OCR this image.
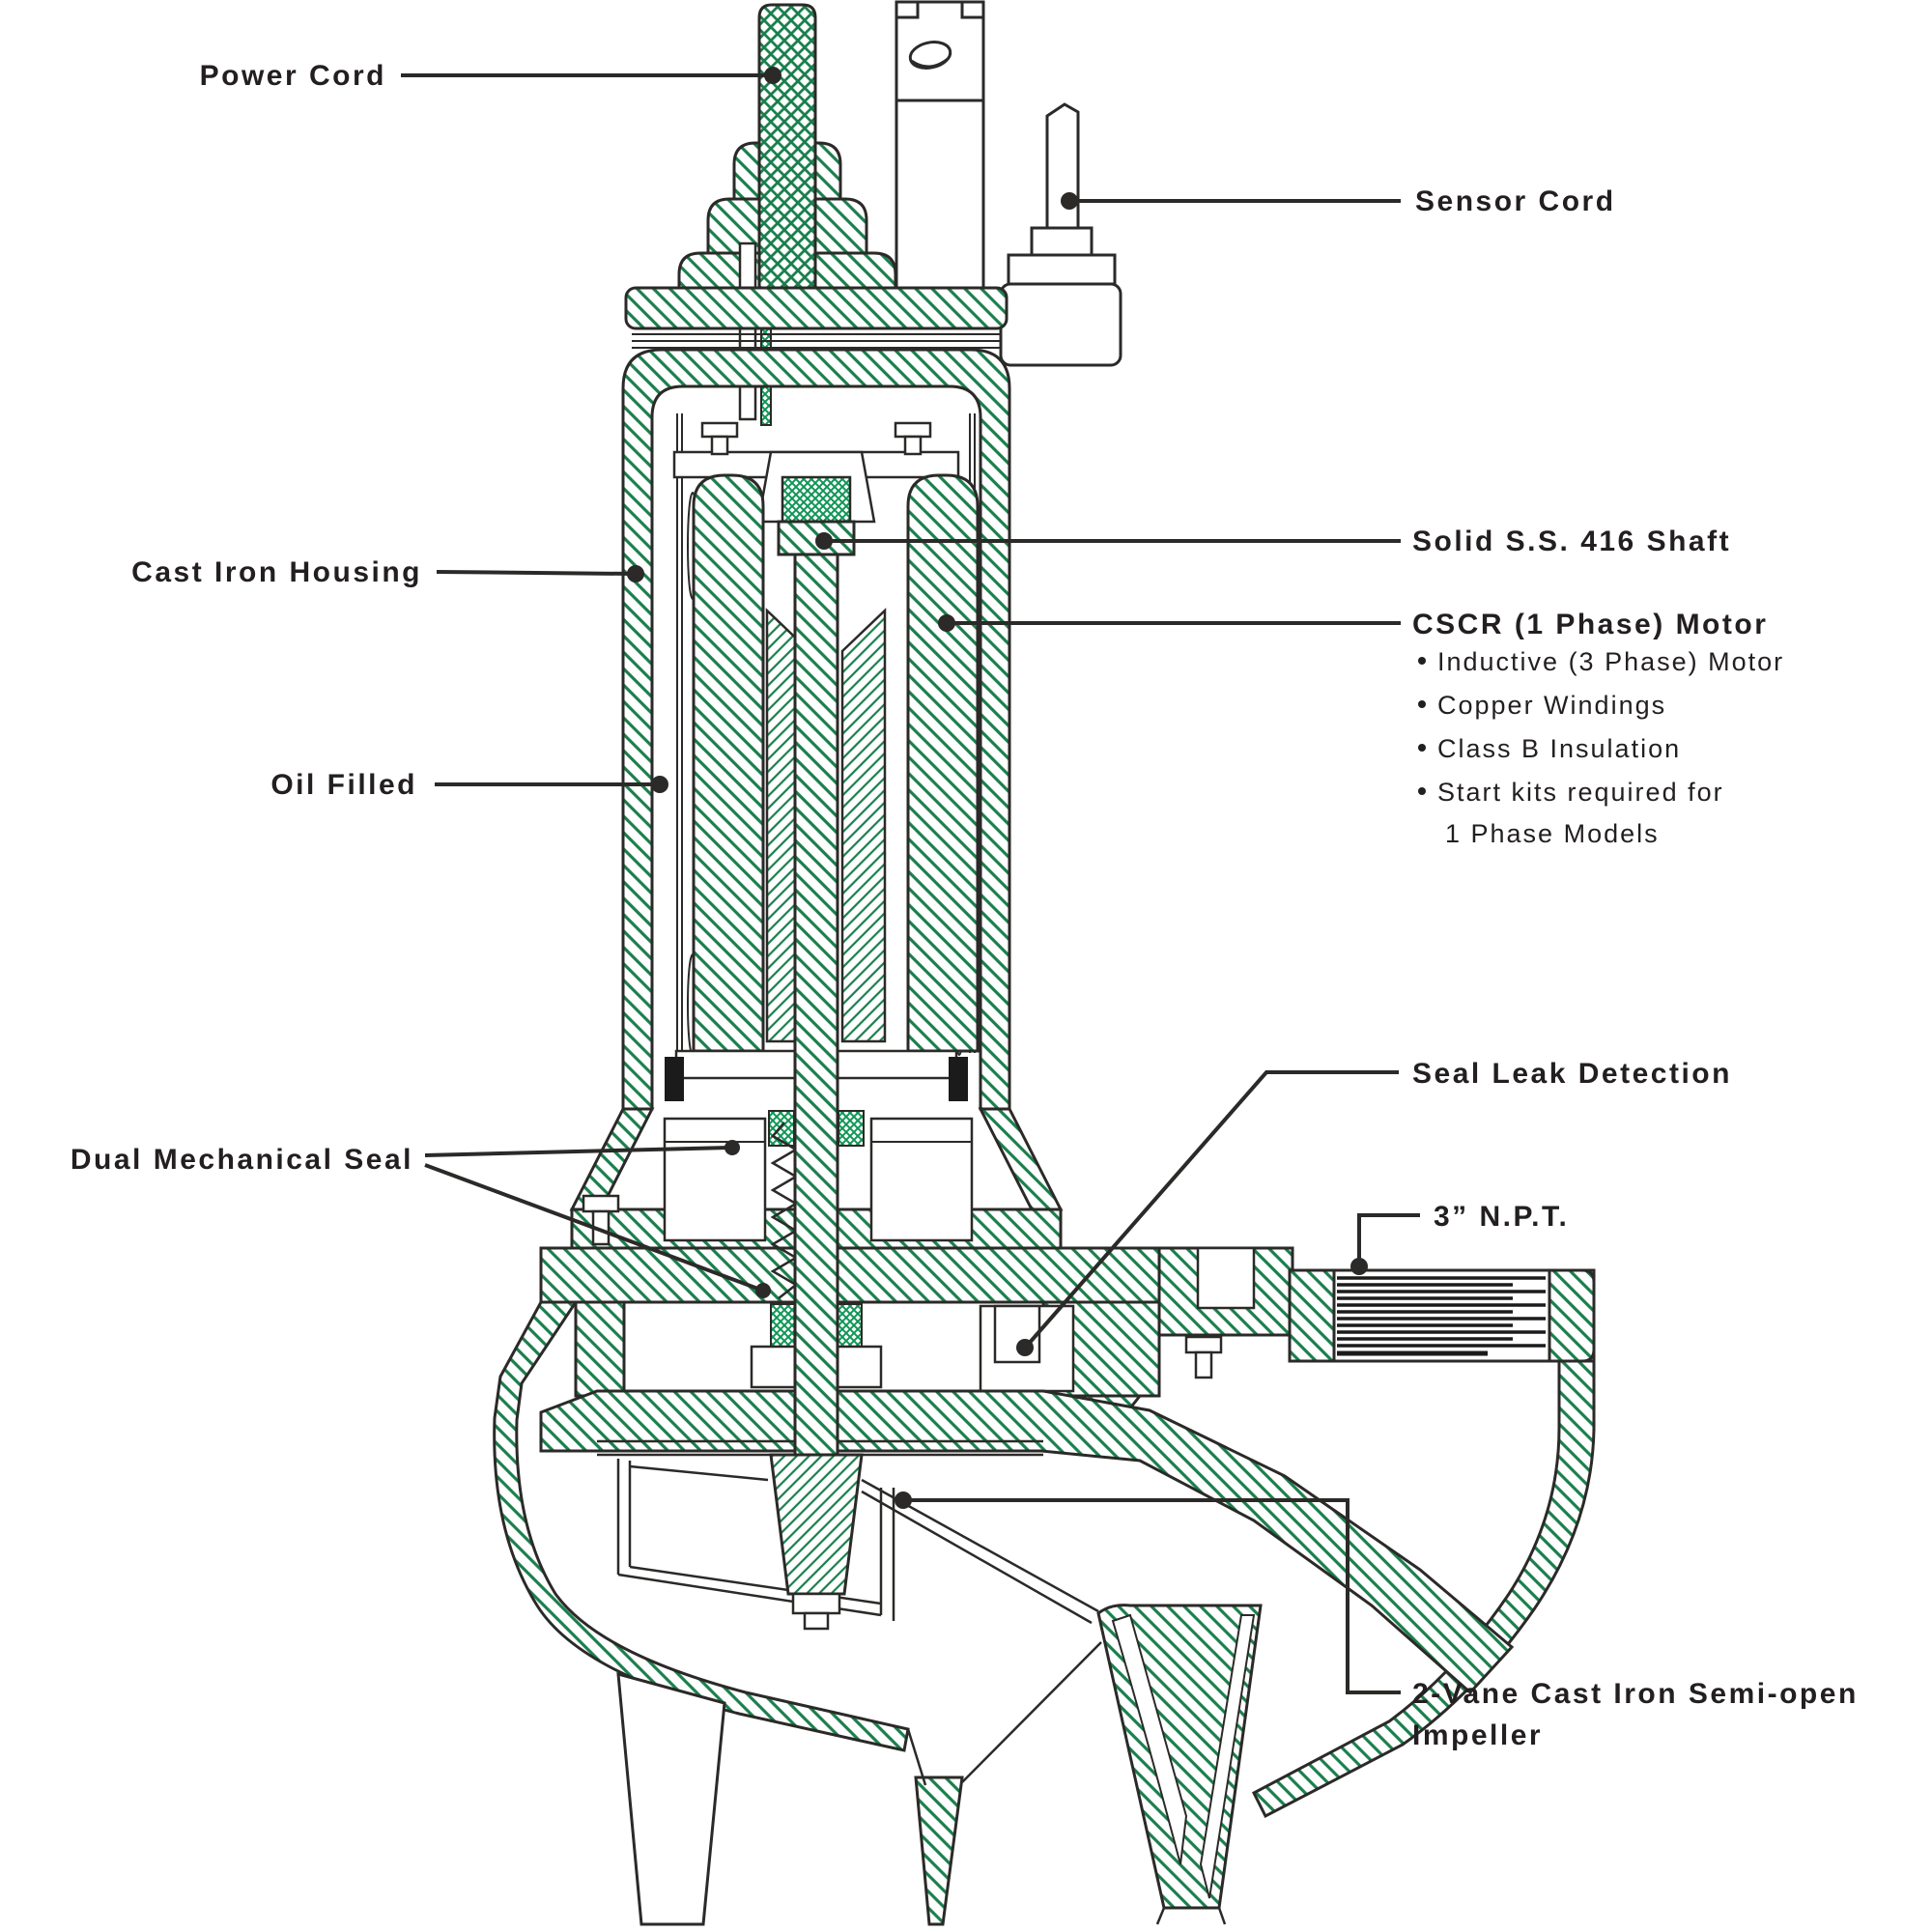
Power Cord
Cast Iron Housing
Oil Filled
Dual Mechanical Seal
Sensor Cord
Solid S.S. 416 Shaft
CSCR (1 Phase) Motor
Inductive (3 Phase) Motor
Copper Windings
Class B Insulation
Start kits required for
1 Phase Models
Seal Leak Detection
3” N.P.T.
2-Vane Cast Iron Semi-open
Impeller
